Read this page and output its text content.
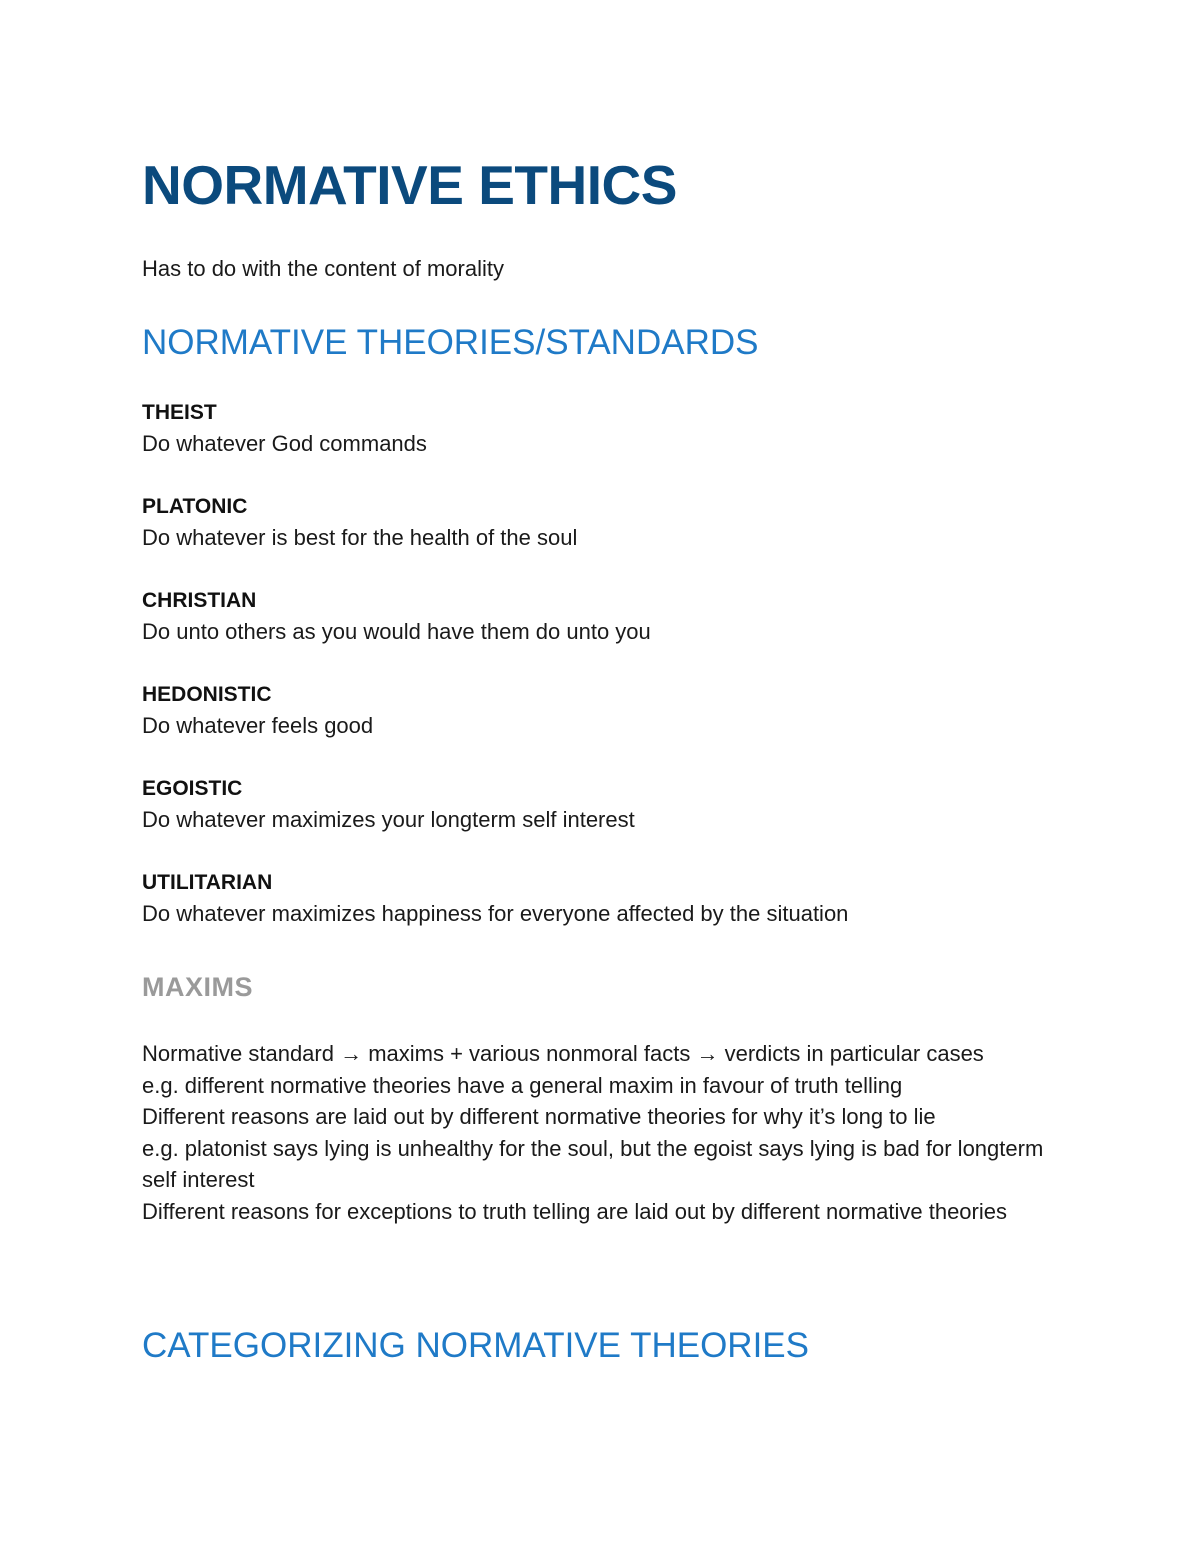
NORMATIVE ETHICS

Has to do with the content of morality

NORMATIVE THEORIES/STANDARDS

THEIST

Do whatever God commands

PLATONIC

Do whatever is best for the health of the soul

CHRISTIAN

Do unto others as you would have them do unto you

HEDONISTIC

Do whatever feels good

EGOISTIC

Do whatever maximizes your longterm self interest

UTILITARIAN

Do whatever maximizes happiness for everyone affected by the situation

MAXIMS
Normative standard → maxims + various nonmoral facts → verdicts in particular cases
e.g. different normative theories have a general maxim in favour of truth telling
Different reasons are laid out by different normative theories for why it’s long to lie
e.g. platonist says lying is unhealthy for the soul, but the egoist says lying is bad for longterm self interest
Different reasons for exceptions to truth telling are laid out by different normative theories
CATEGORIZING NORMATIVE THEORIES
